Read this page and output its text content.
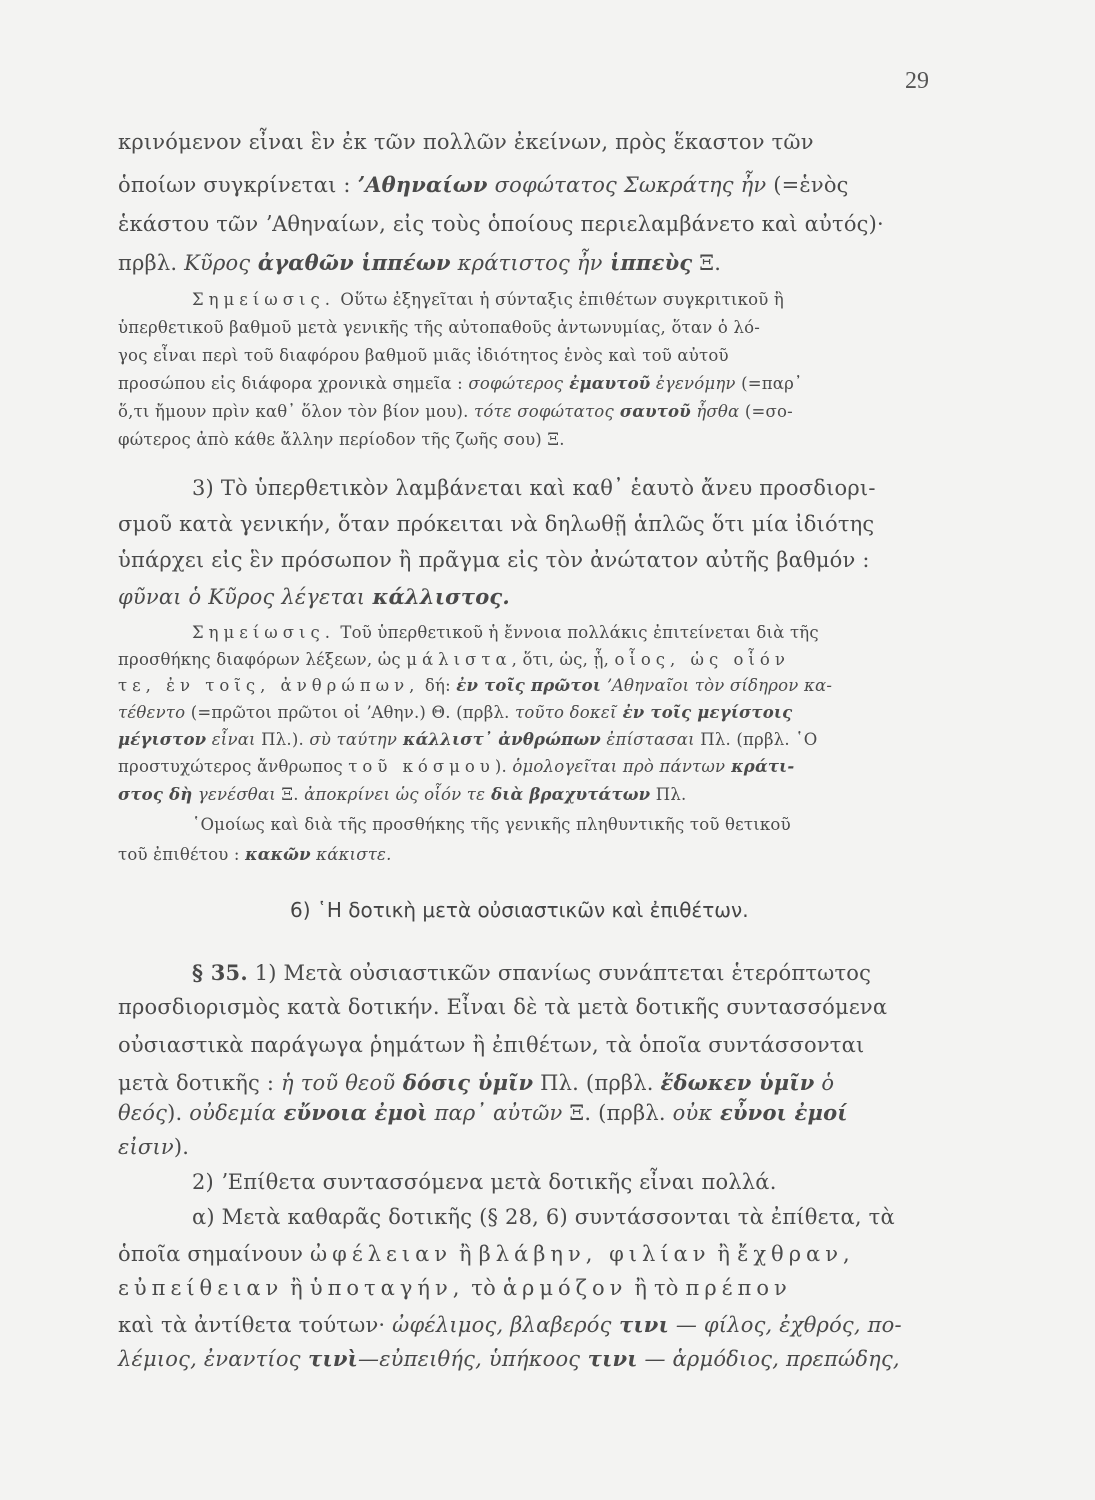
29

κρινόμενον εἶναι ἓν ἐκ τῶν πολλῶν ἐκείνων, πρὸς ἕκαστον τῶν

ὁποίων συγκρίνεται : ʼΑθηναίων σοφώτατος Σωκράτης ἦν (=ἑνὸς

ἑκάστου τῶν ʼΑθηναίων, εἰς τοὺς ὁποίους περιελαμβάνετο καὶ αὐτός)·

πρβλ. Κῦρος ἀγαθῶν ἱππέων κράτιστος ἦν ἱππεὺς Ξ.

Σημείωσις. Οὕτω ἐξηγεῖται ἡ σύνταξις ἐπιθέτων συγκριτικοῦ ἢ

ὑπερθετικοῦ βαθμοῦ μετὰ γενικῆς τῆς αὐτοπαθοῦς ἀντωνυμίας, ὅταν ὁ λό-

γος εἶναι περὶ τοῦ διαφόρου βαθμοῦ μιᾶς ἰδιότητος ἑνὸς καὶ τοῦ αὐτοῦ

προσώπου εἰς διάφορα χρονικὰ σημεῖα : σοφώτερος ἐμαυτοῦ ἐγενόμην (=παρ᾽

ὅ,τι ἤμουν πρὶν καθ᾽ ὅλον τὸν βίον μου). τότε σοφώτατος σαυτοῦ ἦσθα (=σο-

φώτερος ἀπὸ κάθε ἄλλην περίοδον τῆς ζωῆς σου) Ξ.

3) Τὸ ὑπερθετικὸν λαμβάνεται καὶ καθ᾽ ἑαυτὸ ἄνευ προσδιορι-

σμοῦ κατὰ γενικήν, ὅταν πρόκειται νὰ δηλωθῇ ἁπλῶς ὅτι μία ἰδιότης

ὑπάρχει εἰς ἓν πρόσωπον ἢ πρᾶγμα εἰς τὸν ἀνώτατον αὐτῆς βαθμόν :

φῦναι ὁ Κῦρος λέγεται κάλλιστος.

Σημείωσις. Τοῦ ὑπερθετικοῦ ἡ ἔννοια πολλάκις ἐπιτείνεται διὰ τῆς

προσθήκης διαφόρων λέξεων, ὡς μάλιστα, ὅτι, ὡς, ᾗ, οἷος, ὡς οἷόν

τε, ἐν τοῖς, ἀνθρώπων, δή: ἐν τοῖς πρῶτοι ʼΑθηναῖοι τὸν σίδηρον κα-

τέθεντο (=πρῶτοι πρῶτοι οἱ ʼΑθην.) Θ. (πρβλ. τοῦτο δοκεῖ ἐν τοῖς μεγίστοις

μέγιστον εἶναι Πλ.). σὺ ταύτην κάλλιστ᾽ ἀνθρώπων ἐπίστασαι Πλ. (πρβλ. ῾Ο

προστυχώτερος ἄνθρωπος τοῦ κόσμου). ὁμολογεῖται πρὸ πάντων κράτι-

στος δὴ γενέσθαι Ξ. ἀποκρίνει ὡς οἷόν τε διὰ βραχυτάτων Πλ.

῾Ομοίως καὶ διὰ τῆς προσθήκης τῆς γενικῆς πληθυντικῆς τοῦ θετικοῦ

τοῦ ἐπιθέτου : κακῶν κάκιστε.

6) ῾Η δοτικὴ μετὰ οὐσιαστικῶν καὶ ἐπιθέτων.

§ 35. 1) Μετὰ οὐσιαστικῶν σπανίως συνάπτεται ἑτερόπτωτος

προσδιορισμὸς κατὰ δοτικήν. Εἶναι δὲ τὰ μετὰ δοτικῆς συντασσόμενα

οὐσιαστικὰ παράγωγα ῥημάτων ἢ ἐπιθέτων, τὰ ὁποῖα συντάσσονται

μετὰ δοτικῆς : ἡ τοῦ θεοῦ δόσις ὑμῖν Πλ. (πρβλ. ἔδωκεν ὑμῖν ὁ

θεός). οὐδεμία εὔνοια ἐμοὶ παρ᾽ αὐτῶν Ξ. (πρβλ. οὐκ εὖνοι ἐμοί

εἰσιν).

2) ʼΕπίθετα συντασσόμενα μετὰ δοτικῆς εἶναι πολλά.

α) Μετὰ καθαρᾶς δοτικῆς (§ 28, 6) συντάσσονται τὰ ἐπίθετα, τὰ

ὁποῖα σημαίνουν ὠφέλειαν ἢ βλάβην, φιλίαν ἢ ἔχθραν,

εὐπείθειαν ἢ ὑποταγήν, τὸ ἁρμόζον ἢ τὸ πρέπον

καὶ τὰ ἀντίθετα τούτων· ὠφέλιμος, βλαβερός τινι — φίλος, ἐχθρός, πο-

λέμιος, ἐναντίος τινὶ—εὐπειθής, ὑπήκοος τινι — ἁρμόδιος, πρεπώδης,
